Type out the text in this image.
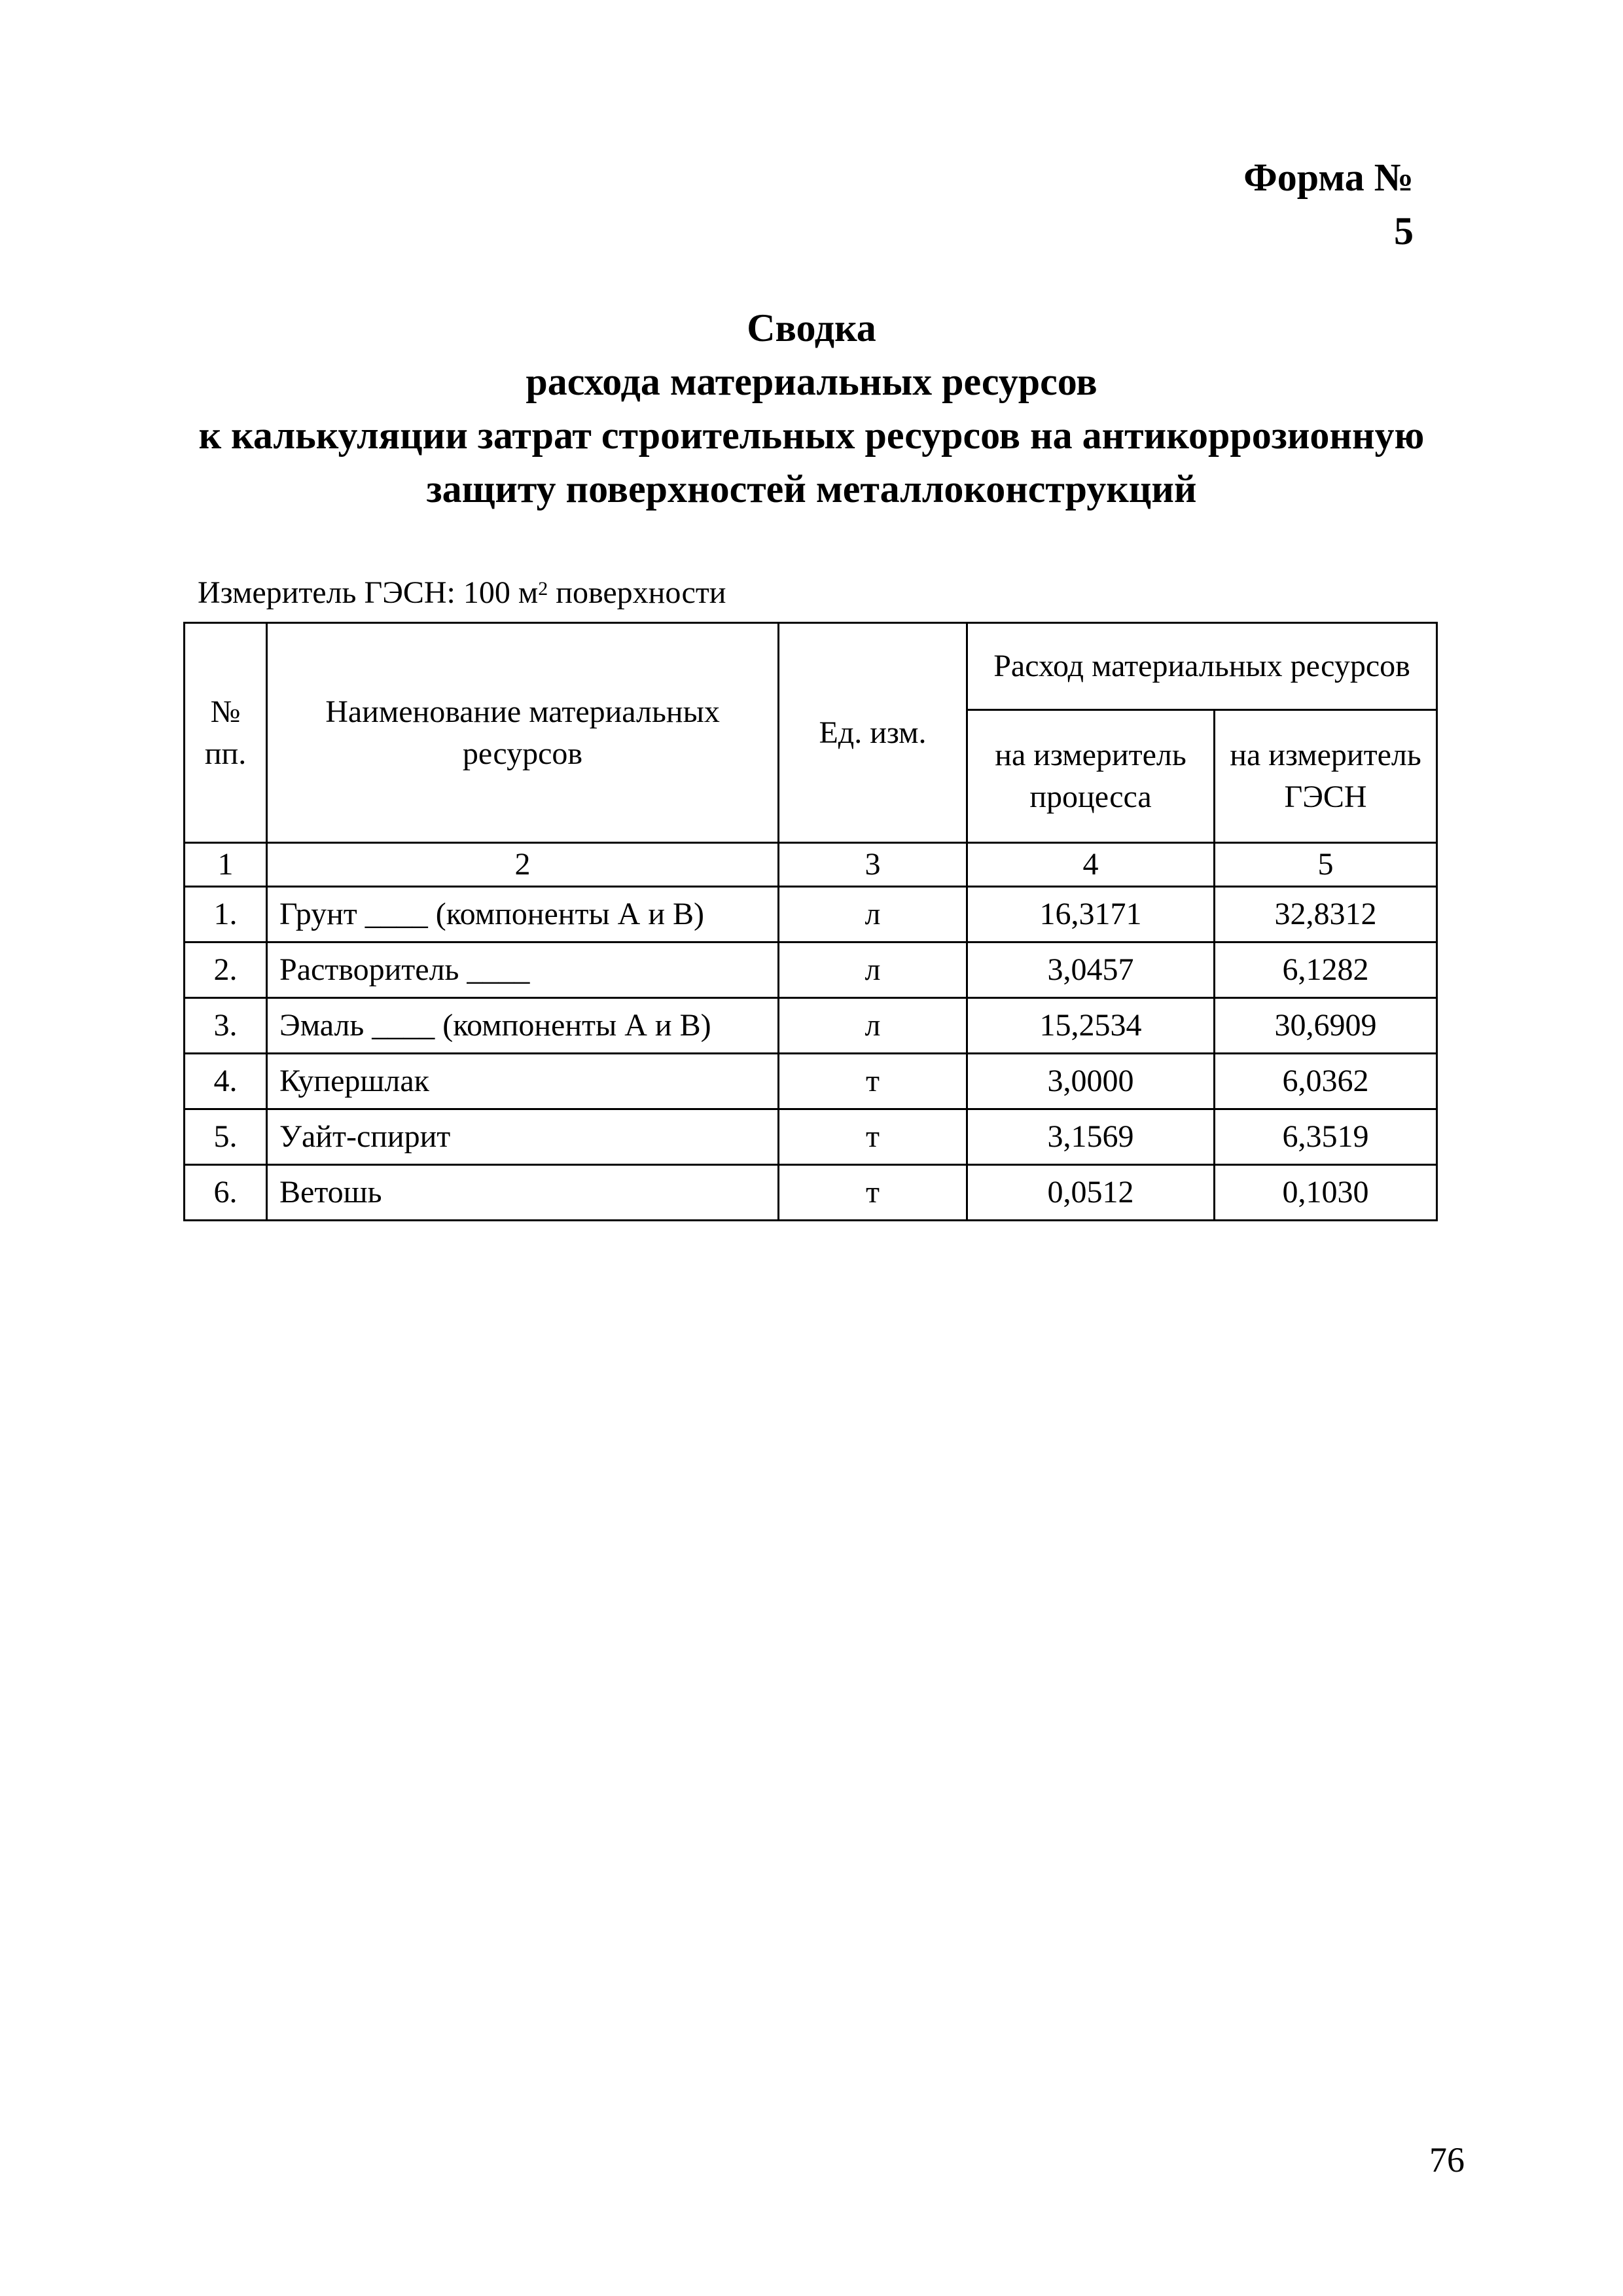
Форма №
5
Сводка
расхода материальных ресурсов
к калькуляции затрат строительных ресурсов на антикоррозионную
защиту поверхностей металлоконструкций
Измеритель ГЭСН: 100 $м^2$ поверхности
№ пп.	Наименование материальных ресурсов	Ед. изм.	Расход материальных ресурсов	
			на измеритель процесса	на измеритель ГЭСН
1	2	3	4	5
1.	Грунт ____ (компоненты А и В)	л	16,3171	32,8312
2.	Растворитель ____	л	3,0457	6,1282
3.	Эмаль ____ (компоненты А и В)	л	15,2534	30,6909
4.	Купершлак	т	3,0000	6,0362
5.	Уайт-спирит	т	3,1569	6,3519
6.	Ветошь	т	0,0512	0,1030
76
